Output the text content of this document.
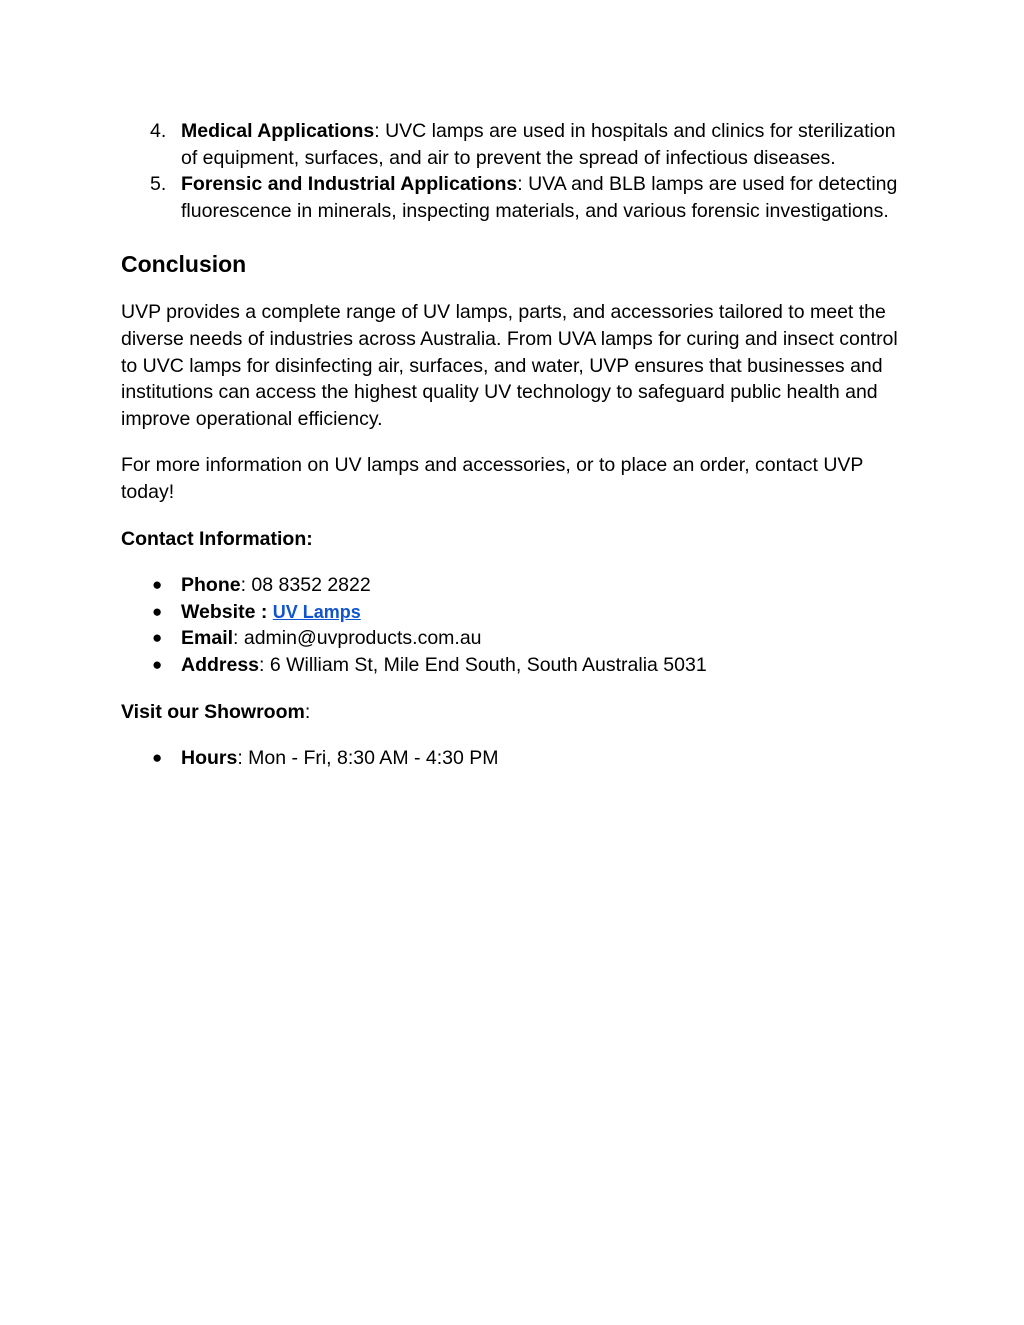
4. Medical Applications: UVC lamps are used in hospitals and clinics for sterilization of equipment, surfaces, and air to prevent the spread of infectious diseases.
5. Forensic and Industrial Applications: UVA and BLB lamps are used for detecting fluorescence in minerals, inspecting materials, and various forensic investigations.
Conclusion

UVP provides a complete range of UV lamps, parts, and accessories tailored to meet the diverse needs of industries across Australia. From UVA lamps for curing and insect control to UVC lamps for disinfecting air, surfaces, and water, UVP ensures that businesses and institutions can access the highest quality UV technology to safeguard public health and improve operational efficiency.

For more information on UV lamps and accessories, or to place an order, contact UVP today!

Contact Information:
● Phone: 08 8352 2822
● Website : UV Lamps
● Email: admin@uvproducts.com.au
● Address: 6 William St, Mile End South, South Australia 5031
Visit our Showroom:
● Hours: Mon - Fri, 8:30 AM - 4:30 PM
